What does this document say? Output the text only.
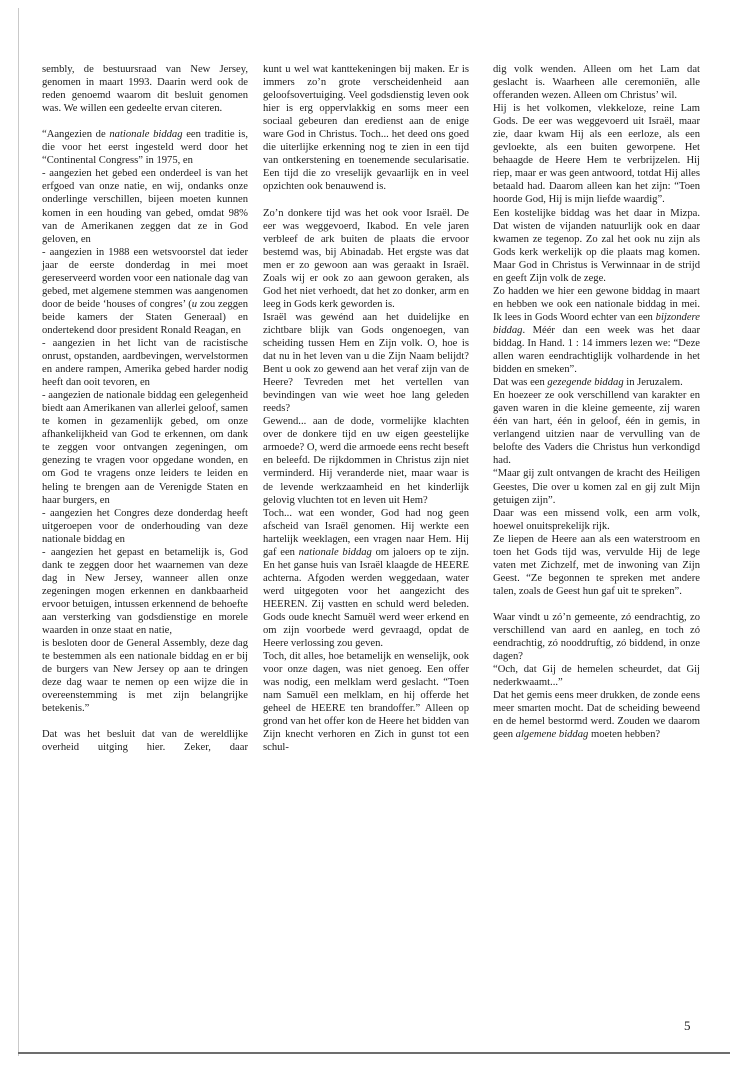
sembly, de bestuursraad van New Jersey, genomen in maart 1993. Daarin werd ook de reden genoemd waarom dit besluit genomen was. We willen een gedeelte ervan citeren.

“Aangezien de nationale biddag een traditie is, die voor het eerst ingesteld werd door het “Continental Congress” in 1975, en

- aangezien het gebed een onderdeel is van het erfgoed van onze natie, en wij, ondanks onze onderlinge verschillen, bijeen moeten kunnen komen in een houding van gebed, omdat 98% van de Amerikanen zeggen dat ze in God geloven, en

- aangezien in 1988 een wetsvoorstel dat ieder jaar de eerste donderdag in mei moet gereserveerd worden voor een nationale dag van gebed, met algemene stemmen was aangenomen door de beide ‘houses of congres’ (u zou zeggen beide kamers der Staten Generaal) en ondertekend door president Ronald Reagan, en

- aangezien in het licht van de racistische onrust, opstanden, aardbevingen, wervelstormen en andere rampen, Amerika gebed harder nodig heeft dan ooit tevoren, en

- aangezien de nationale biddag een gelegenheid biedt aan Amerikanen van allerlei geloof, samen te komen in gezamenlijk gebed, om onze afhankelijkheid van God te erkennen, om dank te zeggen voor ontvangen zegeningen, om genezing te vragen voor opgedane wonden, en om God te vragens onze leiders te leiden en heling te brengen aan de Verenigde Staten en haar burgers, en

- aangezien het Congres deze donderdag heeft uitgeroepen voor de onderhouding van deze nationale biddag en

- aangezien het gepast en betamelijk is, God dank te zeggen door het waarnemen van deze dag in New Jersey, wanneer allen onze zegeningen mogen erkennen en dankbaarheid ervoor betuigen, intussen erkennend de behoefte aan versterking van godsdienstige en morele waarden in onze staat en natie,

is besloten door de General Assembly, deze dag te bestemmen als een nationale biddag en er bij de burgers van New Jersey op aan te dringen deze dag waar te nemen op een wijze die in overeenstemming is met zijn belangrijke betekenis.”

Dat was het besluit dat van de wereldlijke overheid uitging hier. Zeker, daar

kunt u wel wat kanttekeningen bij maken. Er is immers zo’n grote verscheidenheid aan geloofsovertuiging. Veel godsdienstig leven ook hier is erg oppervlakkig en soms meer een sociaal gebeuren dan eredienst aan de enige ware God in Christus. Toch... het deed ons goed die uiterlijke erkenning nog te zien in een tijd van ontkerstening en toenemende secularisatie. Een tijd die zo vreselijk gevaarlijk en in veel opzichten ook benauwend is.

Zo’n donkere tijd was het ook voor Israël. De eer was weggevoerd, Ikabod. En vele jaren verbleef de ark buiten de plaats die ervoor bestemd was, bij Abinadab. Het ergste was dat men er zo gewoon aan was geraakt in Israël. Zoals wij er ook zo aan gewoon geraken, als God het niet verhoedt, dat het zo donker, arm en leeg in Gods kerk geworden is.

Israël was gewénd aan het duidelijke en zichtbare blijk van Gods ongenoegen, van scheiding tussen Hem en Zijn volk. O, hoe is dat nu in het leven van u die Zijn Naam belijdt? Bent u ook zo gewend aan het veraf zijn van de Heere? Tevreden met het vertellen van bevindingen van wie weet hoe lang geleden reeds?

Gewend... aan de dode, vormelijke klachten over de donkere tijd en uw eigen geestelijke armoede? O, werd die armoede eens recht beseft en beleefd. De rijkdommen in Christus zijn niet verminderd. Hij veranderde niet, maar waar is de levende werkzaamheid en het kinderlijk gelovig vluchten tot en leven uit Hem?

Toch... wat een wonder, God had nog geen afscheid van Israël genomen. Hij werkte een hartelijk weeklagen, een vragen naar Hem. Hij gaf een nationale biddag om jaloers op te zijn. En het ganse huis van Israël klaagde de HEERE achterna. Afgoden werden weggedaan, water werd uitgegoten voor het aangezicht des HEEREN. Zij vastten en schuld werd beleden. Gods oude knecht Samuël werd weer erkend en om zijn voorbede werd gevraagd, opdat de Heere verlossing zou geven.

Toch, dit alles, hoe betamelijk en wenselijk, ook voor onze dagen, was niet genoeg. Een offer was nodig, een melklam werd geslacht. “Toen nam Samuël een melklam, en hij offerde het geheel de HEERE ten brandoffer.” Alleen op grond van het offer kon de Heere het bidden van Zijn knecht verhoren en Zich in gunst tot een schul-

dig volk wenden. Alleen om het Lam dat geslacht is. Waarheen alle ceremoniën, alle offeranden wezen. Alleen om Christus’ wil.

Hij is het volkomen, vlekkeloze, reine Lam Gods. De eer was weggevoerd uit Israël, maar zie, daar kwam Hij als een eerloze, als een gevloekte, als een buiten geworpene. Het behaagde de Heere Hem te verbrijzelen. Hij riep, maar er was geen antwoord, totdat Hij alles betaald had. Daarom alleen kan het zijn: “Toen hoorde God, Hij is mijn liefde waardig”.

Een kostelijke biddag was het daar in Mizpa. Dat wisten de vijanden natuurlijk ook en daar kwamen ze tegenop. Zo zal het ook nu zijn als Gods kerk werkelijk op die plaats mag komen. Maar God in Christus is Verwinnaar in de strijd en geeft Zijn volk de zege.

Zo hadden we hier een gewone biddag in maart en hebben we ook een nationale biddag in mei. Ik lees in Gods Woord echter van een bijzondere biddag. Méér dan een week was het daar biddag. In Hand. 1 : 14 immers lezen we: “Deze allen waren eendrachtiglijk volhardende in het bidden en smeken”.

Dat was een gezegende biddag in Jeruzalem.

En hoezeer ze ook verschillend van karakter en gaven waren in die kleine gemeente, zij waren één van hart, één in geloof, één in gemis, in verlangend uitzien naar de vervulling van de belofte des Vaders die Christus hun verkondigd had.

“Maar gij zult ontvangen de kracht des Heiligen Geestes, Die over u komen zal en gij zult Mijn getuigen zijn”.

Daar was een missend volk, een arm volk, hoewel onuitsprekelijk rijk.

Ze liepen de Heere aan als een waterstroom en toen het Gods tijd was, vervulde Hij de lege vaten met Zichzelf, met de inwoning van Zijn Geest. “Ze begonnen te spreken met andere talen, zoals de Geest hun gaf uit te spreken”.

Waar vindt u zó’n gemeente, zó eendrachtig, zo verschillend van aard en aanleg, en toch zó eendrachtig, zó nooddruftig, zó biddend, in onze dagen?

“Och, dat Gij de hemelen scheurdet, dat Gij nederkwaamt...”

Dat het gemis eens meer drukken, de zonde eens meer smarten mocht. Dat de scheiding beweend en de hemel bestormd werd. Zouden we daarom geen algemene biddag moeten hebben?

5
